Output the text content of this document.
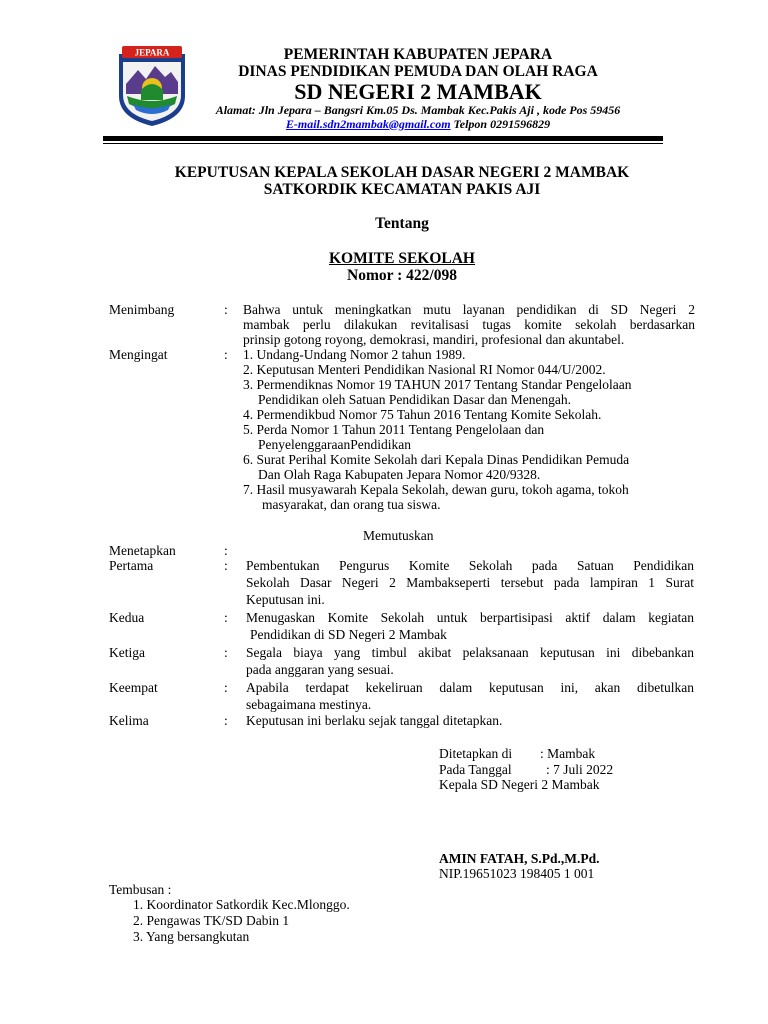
JEPARA	PEMERINTAH KABUPATEN JEPARA
DINAS PENDIDIKAN PEMUDA DAN OLAH RAGA
SD NEGERI 2 MAMBAK
Alamat: Jln Jepara – Bangsri Km.05 Ds. Mambak Kec.Pakis Aji , kode Pos 59456
E-mail.sdn2mambak@gmail.com Telpon 0291596829
KEPUTUSAN KEPALA SEKOLAH DASAR NEGERI 2 MAMBAK
SATKORDIK KECAMATAN PAKIS AJI
Tentang
KOMITE SEKOLAH
Nomor : 422/098
Menimbang	: Bahwa untuk meningkatkan mutu layanan pendidikan di SD Negeri 2
mambak perlu dilakukan revitalisasi tugas komite sekolah berdasarkan
prinsip gotong royong, demokrasi, mandiri, profesional dan akuntabel.
Mengingat	: 1. Undang-Undang Nomor 2 tahun 1989.
2. Keputusan Menteri Pendidikan Nasional RI Nomor 044/U/2002.
3. Permendiknas Nomor 19 TAHUN 2017 Tentang Standar Pengelolaan
Pendidikan oleh Satuan Pendidikan Dasar dan Menengah.
4. Permendikbud Nomor 75 Tahun 2016 Tentang Komite Sekolah.
5. Perda Nomor 1 Tahun 2011 Tentang Pengelolaan dan
PenyelenggaraanPendidikan
6. Surat Perihal Komite Sekolah dari Kepala Dinas Pendidikan Pemuda
Dan Olah Raga Kabupaten Jepara Nomor 420/9328.
7. Hasil musyawarah Kepala Sekolah, dewan guru, tokoh agama, tokoh
masyarakat, dan orang tua siswa.
Memutuskan
Menetapkan	:
Pertama	: Pembentukan Pengurus Komite Sekolah pada Satuan Pendidikan
Sekolah Dasar Negeri 2 Mambakseperti tersebut pada lampiran 1 Surat
Keputusan ini.
Kedua	: Menugaskan Komite Sekolah untuk berpartisipasi aktif dalam kegiatan
Pendidikan di SD Negeri 2 Mambak
Ketiga	: Segala biaya yang timbul akibat pelaksanaan keputusan ini dibebankan
pada anggaran yang sesuai.
Keempat	: Apabila terdapat kekeliruan dalam keputusan ini, akan dibetulkan
sebagaimana mestinya.
Kelima	: Keputusan ini berlaku sejak tanggal ditetapkan.
Ditetapkan di : Mambak
Pada Tanggal	: 7 Juli 2022
Kepala SD Negeri 2 Mambak
AMIN FATAH, S.Pd.,M.Pd.
NIP.19651023 198405 1 001
Tembusan :
1. Koordinator Satkordik Kec.Mlonggo.
2. Pengawas TK/SD Dabin 1
3. Yang bersangkutan
